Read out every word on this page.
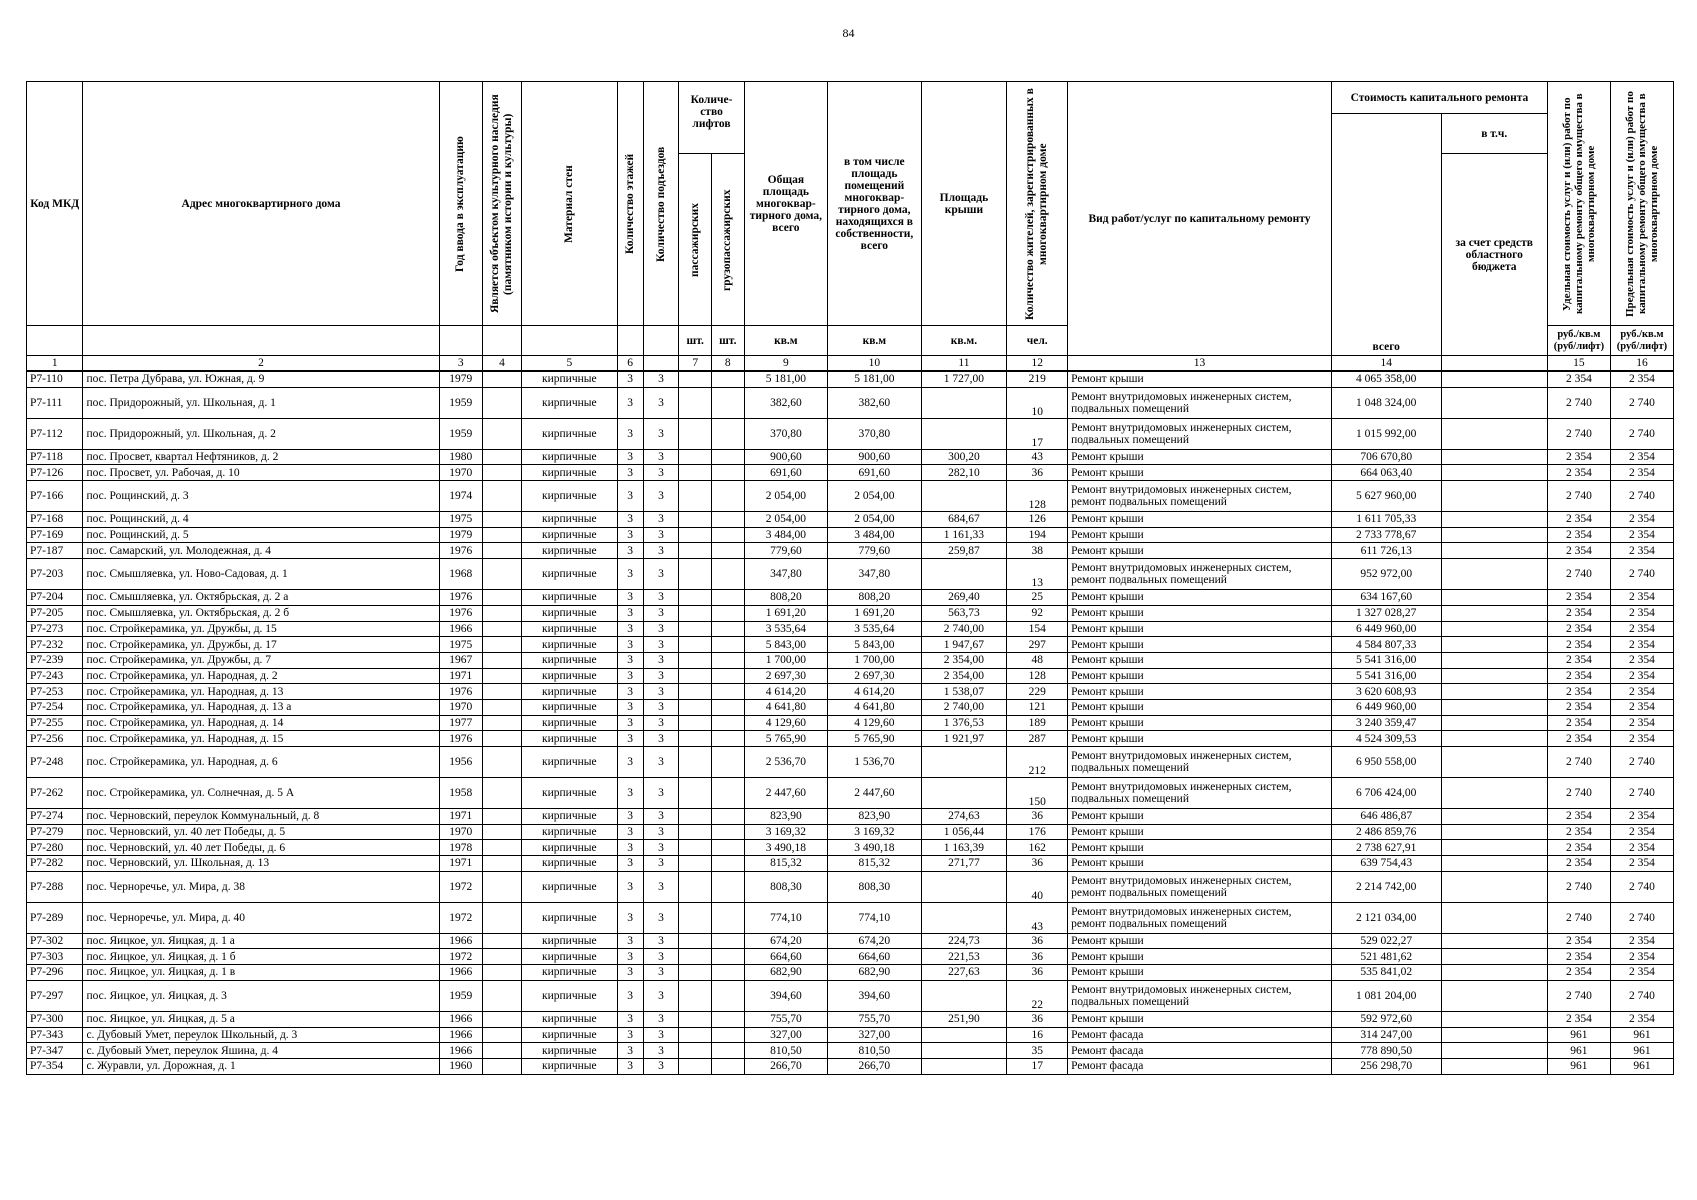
84
Код МКД	Адрес многоквартирного дома	Год ввода в эксплуатацию	Является объектом культурного наследия (памятником истории и культуры)	Материал стен	Количество этажей	Количество подъездов	Количе-ство лифтов		Общая площадь многоквар-тирного дома, всего	в том числе площадь помещений многоквар-тирного дома, находящихся в собственности, всего	Площадь крыши	Количество жителей, зарегистрированных в многоквартирном доме	Вид работ/услуг по капитальному ремонту	Стоимость капитального ремонта		Удельная стоимость услуг и (или) работ по капитальному ремонту общего имущества в многоквартирном доме	Предельная стоимость услуг и (или) работ по капитальному ремонту общего имущества в многоквартирном доме

														всего	в т.ч.		

							пассажирских	грузопассажирских							за счет средств областного бюджета		
							шт.	шт.	кв.м	кв.м	кв.м.	чел.				руб./кв.м (руб/лифт)	руб./кв.м (руб/лифт)
1	2	3	4	5	6		7	8	9	10	11	12	13	14		15	16
Р7-110	пос. Петра Дубрава, ул. Южная, д. 9	1979		кирпичные	3	3			5 181,00	5 181,00	1 727,00	219	Ремонт крыши	4 065 358,00		2 354	2 354
Р7-111	пос. Придорожный, ул. Школьная, д. 1	1959		кирпичные	3	3			382,60	382,60		10	Ремонт внутридомовых инженерных систем, подвальных помещений	1 048 324,00		2 740	2 740
Р7-112	пос. Придорожный, ул. Школьная, д. 2	1959		кирпичные	3	3			370,80	370,80		17	Ремонт внутридомовых инженерных систем, подвальных помещений	1 015 992,00		2 740	2 740
Р7-118	пос. Просвет, квартал Нефтяников, д. 2	1980		кирпичные	3	3			900,60	900,60	300,20	43	Ремонт крыши	706 670,80		2 354	2 354
Р7-126	пос. Просвет, ул. Рабочая, д. 10	1970		кирпичные	3	3			691,60	691,60	282,10	36	Ремонт крыши	664 063,40		2 354	2 354
Р7-166	пос. Рощинский, д. 3	1974		кирпичные	3	3			2 054,00	2 054,00		128	Ремонт внутридомовых инженерных систем, ремонт подвальных помещений	5 627 960,00		2 740	2 740
Р7-168	пос. Рощинский, д. 4	1975		кирпичные	3	3			2 054,00	2 054,00	684,67	126	Ремонт крыши	1 611 705,33		2 354	2 354
Р7-169	пос. Рощинский, д. 5	1979		кирпичные	3	3			3 484,00	3 484,00	1 161,33	194	Ремонт крыши	2 733 778,67		2 354	2 354
Р7-187	пос. Самарский, ул. Молодежная, д. 4	1976		кирпичные	3	3			779,60	779,60	259,87	38	Ремонт крыши	611 726,13		2 354	2 354
Р7-203	пос. Смышляевка, ул. Ново-Садовая, д. 1	1968		кирпичные	3	3			347,80	347,80		13	Ремонт внутридомовых инженерных систем, ремонт подвальных помещений	952 972,00		2 740	2 740
Р7-204	пос. Смышляевка, ул. Октябрьская, д. 2 а	1976		кирпичные	3	3			808,20	808,20	269,40	25	Ремонт крыши	634 167,60		2 354	2 354
Р7-205	пос. Смышляевка, ул. Октябрьская, д. 2 б	1976		кирпичные	3	3			1 691,20	1 691,20	563,73	92	Ремонт крыши	1 327 028,27		2 354	2 354
Р7-273	пос. Стройкерамика, ул. Дружбы, д. 15	1966		кирпичные	3	3			3 535,64	3 535,64	2 740,00	154	Ремонт крыши	6 449 960,00		2 354	2 354
Р7-232	пос. Стройкерамика, ул. Дружбы, д. 17	1975		кирпичные	3	3			5 843,00	5 843,00	1 947,67	297	Ремонт крыши	4 584 807,33		2 354	2 354
Р7-239	пос. Стройкерамика, ул. Дружбы, д. 7	1967		кирпичные	3	3			1 700,00	1 700,00	2 354,00	48	Ремонт крыши	5 541 316,00		2 354	2 354
Р7-243	пос. Стройкерамика, ул. Народная, д. 2	1971		кирпичные	3	3			2 697,30	2 697,30	2 354,00	128	Ремонт крыши	5 541 316,00		2 354	2 354
Р7-253	пос. Стройкерамика, ул. Народная, д. 13	1976		кирпичные	3	3			4 614,20	4 614,20	1 538,07	229	Ремонт крыши	3 620 608,93		2 354	2 354
Р7-254	пос. Стройкерамика, ул. Народная, д. 13 а	1970		кирпичные	3	3			4 641,80	4 641,80	2 740,00	121	Ремонт крыши	6 449 960,00		2 354	2 354
Р7-255	пос. Стройкерамика, ул. Народная, д. 14	1977		кирпичные	3	3			4 129,60	4 129,60	1 376,53	189	Ремонт крыши	3 240 359,47		2 354	2 354
Р7-256	пос. Стройкерамика, ул. Народная, д. 15	1976		кирпичные	3	3			5 765,90	5 765,90	1 921,97	287	Ремонт крыши	4 524 309,53		2 354	2 354
Р7-248	пос. Стройкерамика, ул. Народная, д. 6	1956		кирпичные	3	3			2 536,70	1 536,70		212	Ремонт внутридомовых инженерных систем, подвальных помещений	6 950 558,00		2 740	2 740
Р7-262	пос. Стройкерамика, ул. Солнечная, д. 5 А	1958		кирпичные	3	3			2 447,60	2 447,60		150	Ремонт внутридомовых инженерных систем, подвальных помещений	6 706 424,00		2 740	2 740
Р7-274	пос. Черновский, переулок Коммунальный, д. 8	1971		кирпичные	3	3			823,90	823,90	274,63	36	Ремонт крыши	646 486,87		2 354	2 354
Р7-279	пос. Черновский, ул. 40 лет Победы, д. 5	1970		кирпичные	3	3			3 169,32	3 169,32	1 056,44	176	Ремонт крыши	2 486 859,76		2 354	2 354
Р7-280	пос. Черновский, ул. 40 лет Победы, д. 6	1978		кирпичные	3	3			3 490,18	3 490,18	1 163,39	162	Ремонт крыши	2 738 627,91		2 354	2 354
Р7-282	пос. Черновский, ул. Школьная, д. 13	1971		кирпичные	3	3			815,32	815,32	271,77	36	Ремонт крыши	639 754,43		2 354	2 354
Р7-288	пос. Черноречье, ул. Мира, д. 38	1972		кирпичные	3	3			808,30	808,30		40	Ремонт внутридомовых инженерных систем, ремонт подвальных помещений	2 214 742,00		2 740	2 740
Р7-289	пос. Черноречье, ул. Мира, д. 40	1972		кирпичные	3	3			774,10	774,10		43	Ремонт внутридомовых инженерных систем, ремонт подвальных помещений	2 121 034,00		2 740	2 740
Р7-302	пос. Яицкое, ул. Яицкая, д. 1 а	1966		кирпичные	3	3			674,20	674,20	224,73	36	Ремонт крыши	529 022,27		2 354	2 354
Р7-303	пос. Яицкое, ул. Яицкая, д. 1 б	1972		кирпичные	3	3			664,60	664,60	221,53	36	Ремонт крыши	521 481,62		2 354	2 354
Р7-296	пос. Яицкое, ул. Яицкая, д. 1 в	1966		кирпичные	3	3			682,90	682,90	227,63	36	Ремонт крыши	535 841,02		2 354	2 354
Р7-297	пос. Яицкое, ул. Яицкая, д. 3	1959		кирпичные	3	3			394,60	394,60		22	Ремонт внутридомовых инженерных систем, подвальных помещений	1 081 204,00		2 740	2 740
Р7-300	пос. Яицкое, ул. Яицкая, д. 5 а	1966		кирпичные	3	3			755,70	755,70	251,90	36	Ремонт крыши	592 972,60		2 354	2 354
Р7-343	с. Дубовый Умет, переулок Школьный, д. 3	1966		кирпичные	3	3			327,00	327,00		16	Ремонт фасада	314 247,00		961	961
Р7-347	с. Дубовый Умет, переулок Яшина, д. 4	1966		кирпичные	3	3			810,50	810,50		35	Ремонт фасада	778 890,50		961	961
Р7-354	с. Журавли, ул. Дорожная, д. 1	1960		кирпичные	3	3			266,70	266,70		17	Ремонт фасада	256 298,70		961	961
